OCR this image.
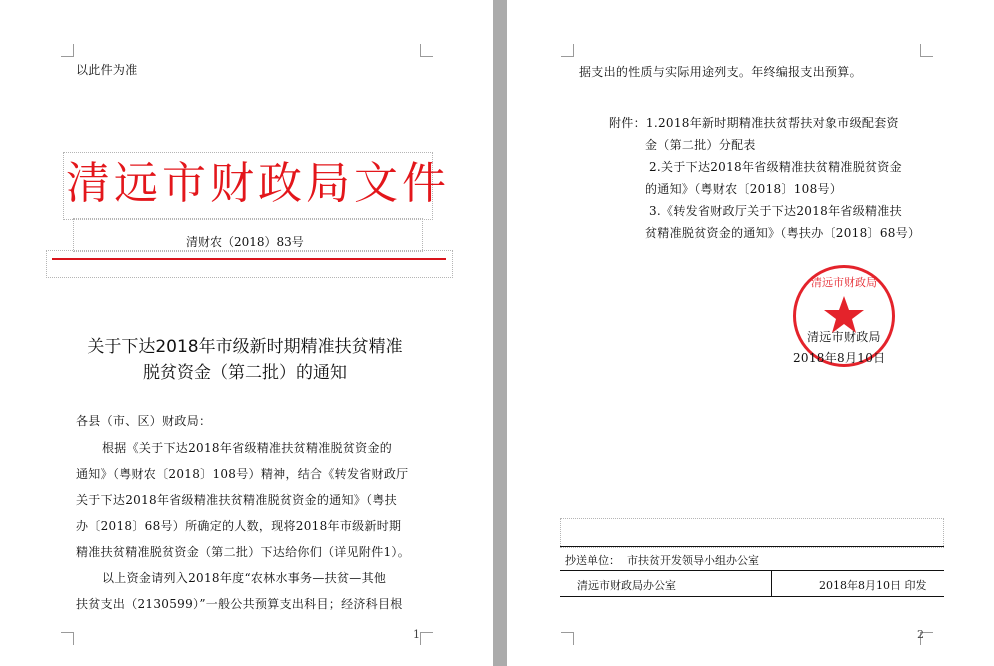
以此件为准
清远市财政局文件
清财农（2018）83号
关于下达2018年市级新时期精准扶贫精准
脱贫资金（第二批）的通知
各县（市、区）财政局：
根据《关于下达2018年省级精准扶贫精准脱贫资金的
通知》（粤财农〔2018〕108号）精神，结合《转发省财政厅
关于下达2018年省级精准扶贫精准脱贫资金的通知》（粤扶
办〔2018〕68号）所确定的人数，现将2018年市级新时期
精准扶贫精准脱贫资金（第二批）下达给你们（详见附件1）。
以上资金请列入2018年度“农林水事务—扶贫—其他
扶贫支出（2130599）”一般公共预算支出科目；经济科目根
1
据支出的性质与实际用途列支。年终编报支出预算。
附件：1.2018年新时期精准扶贫帮扶对象市级配套资
金（第二批）分配表
2.关于下达2018年省级精准扶贫精准脱贫资金
的通知》（粤财农〔2018〕108号）
3.《转发省财政厅关于下达2018年省级精准扶
贫精准脱贫资金的通知》（粤扶办〔2018〕68号）
清远市财政局
清远市财政局
2018年8月10日
抄送单位： 市扶贫开发领导小组办公室
清远市财政局办公室	2018年8月10日 印发
2
